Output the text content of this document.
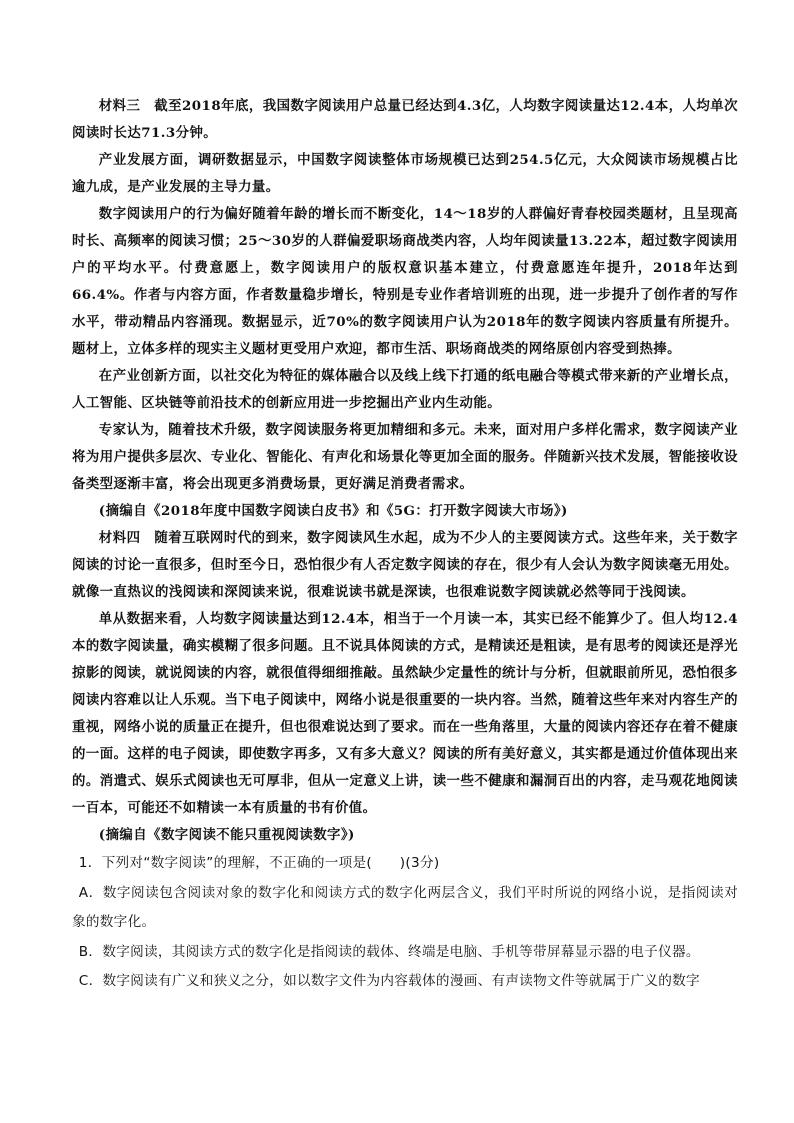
材料三　截至2018年底，我国数字阅读用户总量已经达到4.3亿，人均数字阅读量达12.4本，人均单次阅读时长达71.3分钟。

产业发展方面，调研数据显示，中国数字阅读整体市场规模已达到254.5亿元，大众阅读市场规模占比逾九成，是产业发展的主导力量。

数字阅读用户的行为偏好随着年龄的增长而不断变化，14～18岁的人群偏好青春校园类题材，且呈现高时长、高频率的阅读习惯；25～30岁的人群偏爱职场商战类内容，人均年阅读量13.22本，超过数字阅读用户的平均水平。付费意愿上，数字阅读用户的版权意识基本建立，付费意愿连年提升，2018年达到66.4%。作者与内容方面，作者数量稳步增长，特别是专业作者培训班的出现，进一步提升了创作者的写作水平，带动精品内容涌现。数据显示，近70%的数字阅读用户认为2018年的数字阅读内容质量有所提升。题材上，立体多样的现实主义题材更受用户欢迎，都市生活、职场商战类的网络原创内容受到热捧。

在产业创新方面，以社交化为特征的媒体融合以及线上线下打通的纸电融合等模式带来新的产业增长点，人工智能、区块链等前沿技术的创新应用进一步挖掘出产业内生动能。

专家认为，随着技术升级，数字阅读服务将更加精细和多元。未来，面对用户多样化需求，数字阅读产业将为用户提供多层次、专业化、智能化、有声化和场景化等更加全面的服务。伴随新兴技术发展，智能接收设备类型逐渐丰富，将会出现更多消费场景，更好满足消费者需求。

(摘编自《2018年度中国数字阅读白皮书》和《5G：打开数字阅读大市场》)

材料四　随着互联网时代的到来，数字阅读风生水起，成为不少人的主要阅读方式。这些年来，关于数字阅读的讨论一直很多，但时至今日，恐怕很少有人否定数字阅读的存在，很少有人会认为数字阅读毫无用处。就像一直热议的浅阅读和深阅读来说，很难说读书就是深读，也很难说数字阅读就必然等同于浅阅读。

单从数据来看，人均数字阅读量达到12.4本，相当于一个月读一本，其实已经不能算少了。但人均12.4本的数字阅读量，确实模糊了很多问题。且不说具体阅读的方式，是精读还是粗读，是有思考的阅读还是浮光掠影的阅读，就说阅读的内容，就很值得细细推敲。虽然缺少定量性的统计与分析，但就眼前所见，恐怕很多阅读内容难以让人乐观。当下电子阅读中，网络小说是很重要的一块内容。当然，随着这些年来对内容生产的重视，网络小说的质量正在提升，但也很难说达到了要求。而在一些角落里，大量的阅读内容还存在着不健康的一面。这样的电子阅读，即使数字再多，又有多大意义？阅读的所有美好意义，其实都是通过价值体现出来的。消遣式、娱乐式阅读也无可厚非，但从一定意义上讲，读一些不健康和漏洞百出的内容，走马观花地阅读一百本，可能还不如精读一本有质量的书有价值。

(摘编自《数字阅读不能只重视阅读数字》)

1．下列对“数字阅读”的理解，不正确的一项是(　　)(3分)

A．数字阅读包含阅读对象的数字化和阅读方式的数字化两层含义，我们平时所说的网络小说，是指阅读对象的数字化。

B．数字阅读，其阅读方式的数字化是指阅读的载体、终端是电脑、手机等带屏幕显示器的电子仪器。

C．数字阅读有广义和狭义之分，如以数字文件为内容载体的漫画、有声读物文件等就属于广义的数字
